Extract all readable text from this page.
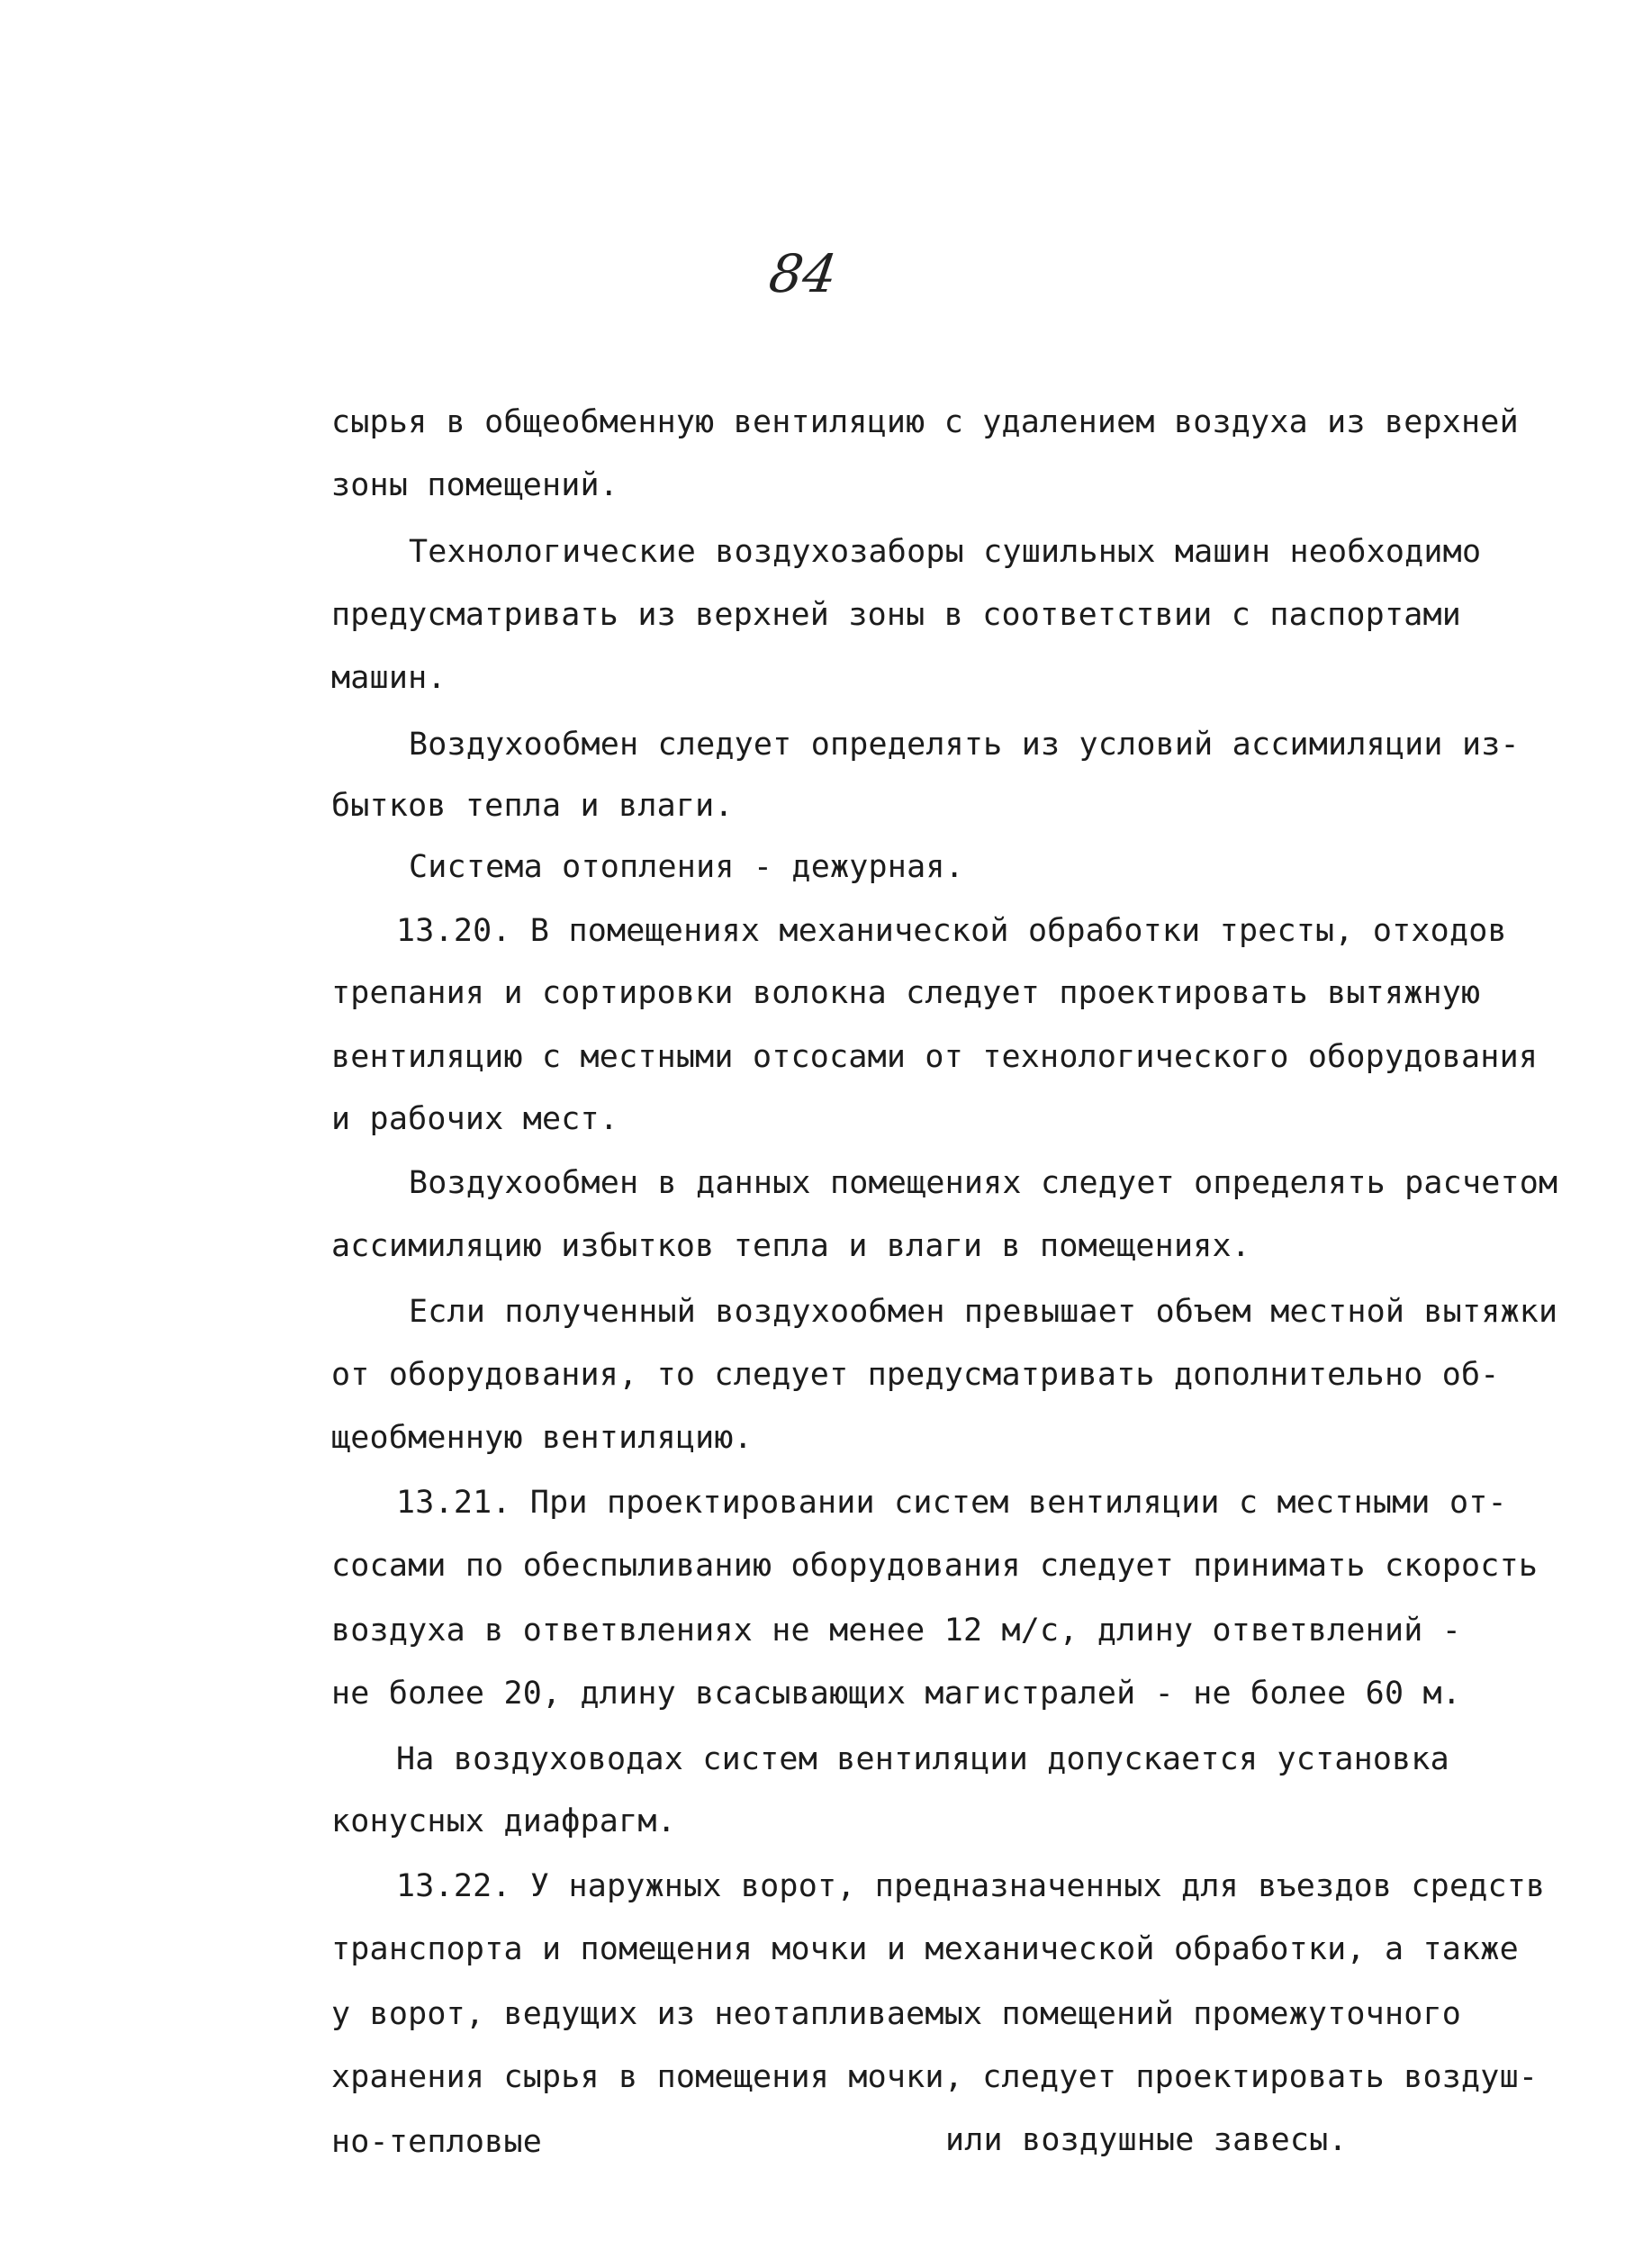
84
сырья в общеобменную вентиляцию с удалением воздуха из верхней
зоны помещений.
Технологические воздухозаборы сушильных машин необходимо
предусматривать из верхней зоны в соответствии с паспортами
машин.
Воздухообмен следует определять из условий ассимиляции из-
бытков тепла и влаги.
Система отопления - дежурная.
13.20. В помещениях механической обработки тресты, отходов
трепания и сортировки волокна следует проектировать вытяжную
вентиляцию с местными отсосами от технологического оборудования
и рабочих мест.
Воздухообмен в данных помещениях следует определять расчетом
ассимиляцию избытков тепла и влаги в помещениях.
Если полученный воздухообмен превышает объем местной вытяжки
от оборудования, то следует предусматривать дополнительно об-
щеобменную вентиляцию.
13.21. При проектировании систем вентиляции с местными от-
сосами по обеспыливанию оборудования следует принимать скорость
воздуха в ответвлениях не менее 12 м/с, длину ответвлений -
не более 20, длину всасывающих магистралей - не более 60 м.
На воздуховодах систем вентиляции допускается установка
конусных диафрагм.
13.22. У наружных ворот, предназначенных для въездов средств
транспорта и помещения мочки и механической обработки, а также
у ворот, ведущих из неотапливаемых помещений промежуточного
хранения сырья в помещения мочки, следует проектировать воздуш-
но-тепловые	или воздушные завесы.
